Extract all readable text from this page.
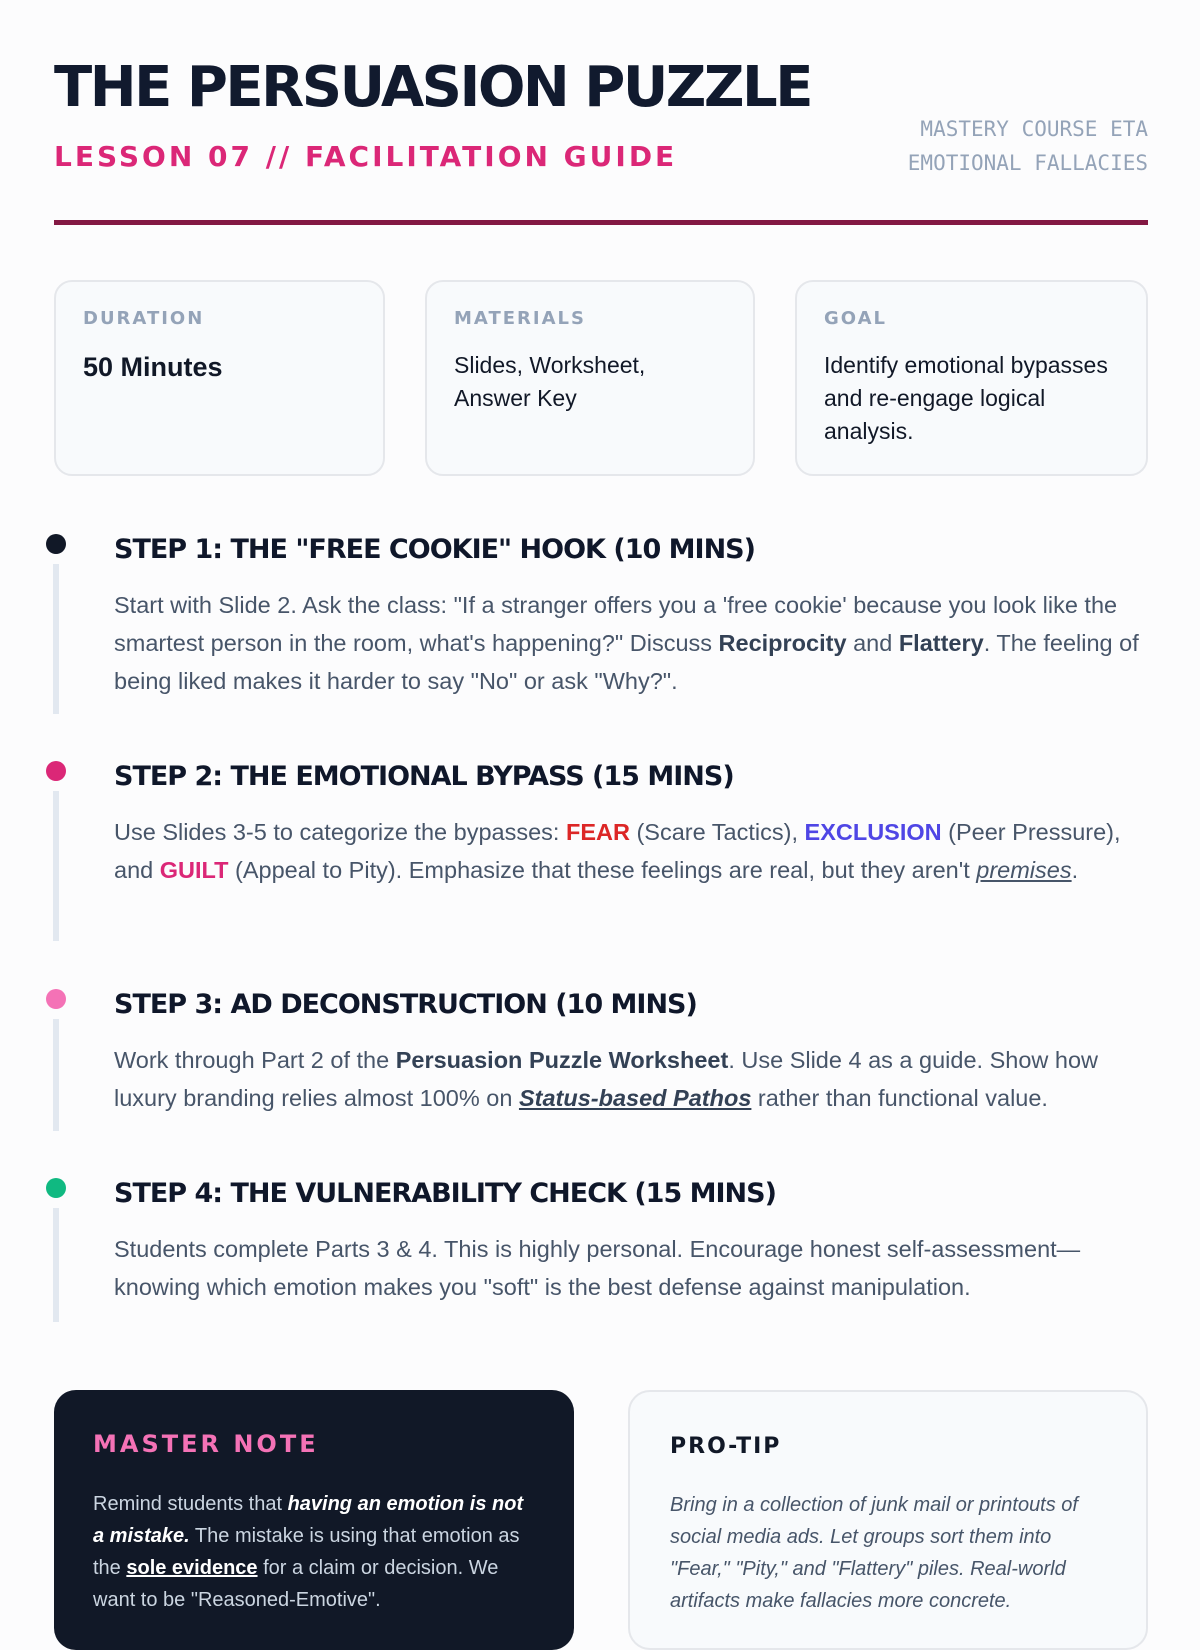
THE PERSUASION PUZZLE
LESSON 07 // FACILITATION GUIDE
MASTERY COURSE ETA
EMOTIONAL FALLACIES
DURATION
50 Minutes
MATERIALS
Slides, Worksheet, Answer Key
GOAL
Identify emotional bypasses and re-engage logical analysis.
STEP 1: THE "FREE COOKIE" HOOK (10 MINS)
Start with Slide 2. Ask the class: "If a stranger offers you a 'free cookie' because you look like the smartest person in the room, what's happening?" Discuss Reciprocity and Flattery. The feeling of being liked makes it harder to say "No" or ask "Why?".
STEP 2: THE EMOTIONAL BYPASS (15 MINS)
Use Slides 3-5 to categorize the bypasses: FEAR (Scare Tactics), EXCLUSION (Peer Pressure), and GUILT (Appeal to Pity). Emphasize that these feelings are real, but they aren't premises.
STEP 3: AD DECONSTRUCTION (10 MINS)
Work through Part 2 of the Persuasion Puzzle Worksheet. Use Slide 4 as a guide. Show how luxury branding relies almost 100% on Status-based Pathos rather than functional value.
STEP 4: THE VULNERABILITY CHECK (15 MINS)
Students complete Parts 3 & 4. This is highly personal. Encourage honest self-assessment—knowing which emotion makes you "soft" is the best defense against manipulation.
MASTER NOTE
Remind students that having an emotion is not a mistake. The mistake is using that emotion as the sole evidence for a claim or decision. We want to be "Reasoned-Emotive".
PRO-TIP
Bring in a collection of junk mail or printouts of social media ads. Let groups sort them into "Fear," "Pity," and "Flattery" piles. Real-world artifacts make fallacies more concrete.
